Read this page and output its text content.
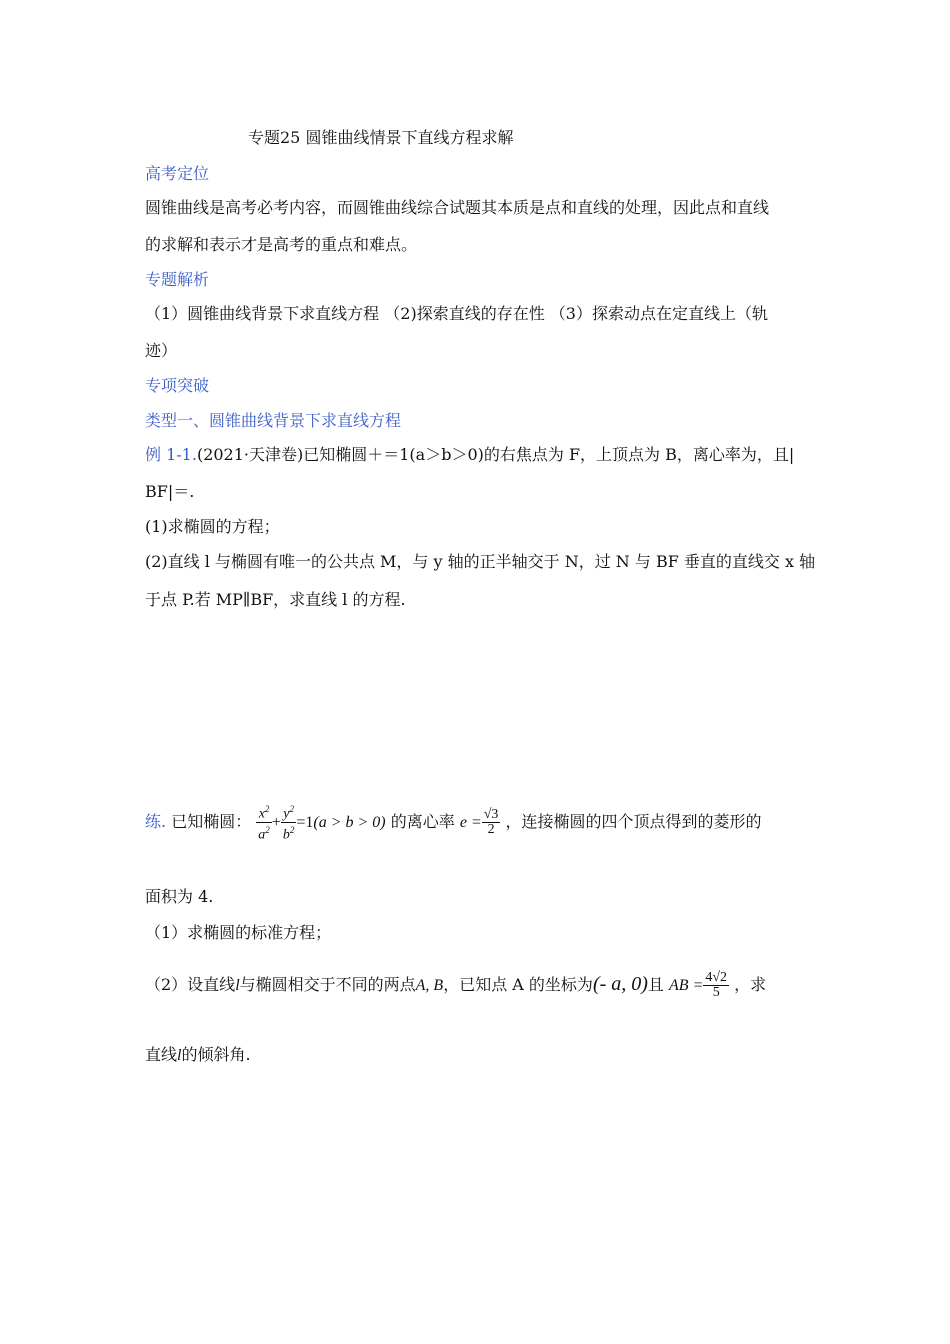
专题25 圆锥曲线情景下直线方程求解
高考定位
圆锥曲线是高考必考内容，而圆锥曲线综合试题其本质是点和直线的处理，因此点和直线
的求解和表示才是高考的重点和难点。
专题解析
（1）圆锥曲线背景下求直线方程 （2)探索直线的存在性 （3）探索动点在定直线上（轨
迹）
专项突破
类型一、圆锥曲线背景下求直线方程
例 1-1.(2021·天津卷)已知椭圆＋＝1(a＞b＞0)的右焦点为 F，上顶点为 B，离心率为，且|
BF|＝.
(1)求椭圆的方程；
(2)直线 l 与椭圆有唯一的公共点 M，与 y 轴的正半轴交于 N，过 N 与 BF 垂直的直线交 x 轴
于点 P.若 MP∥BF，求直线 l 的方程.
练. 已知椭圆： $\frac{x^2}{a^2} + \frac{y^2}{b^2} =1(a > b > 0)$ 的离心率 $e = \frac{√3}{2}$ ，连接椭圆的四个顶点得到的菱形的
面积为 4.
（1）求椭圆的标准方程；
（2）设直线l与椭圆相交于不同的两点A, B，已知点 A 的坐标为(- a, 0)且 AB = $\frac{4√2}{5}$ ，求
直线l的倾斜角.
